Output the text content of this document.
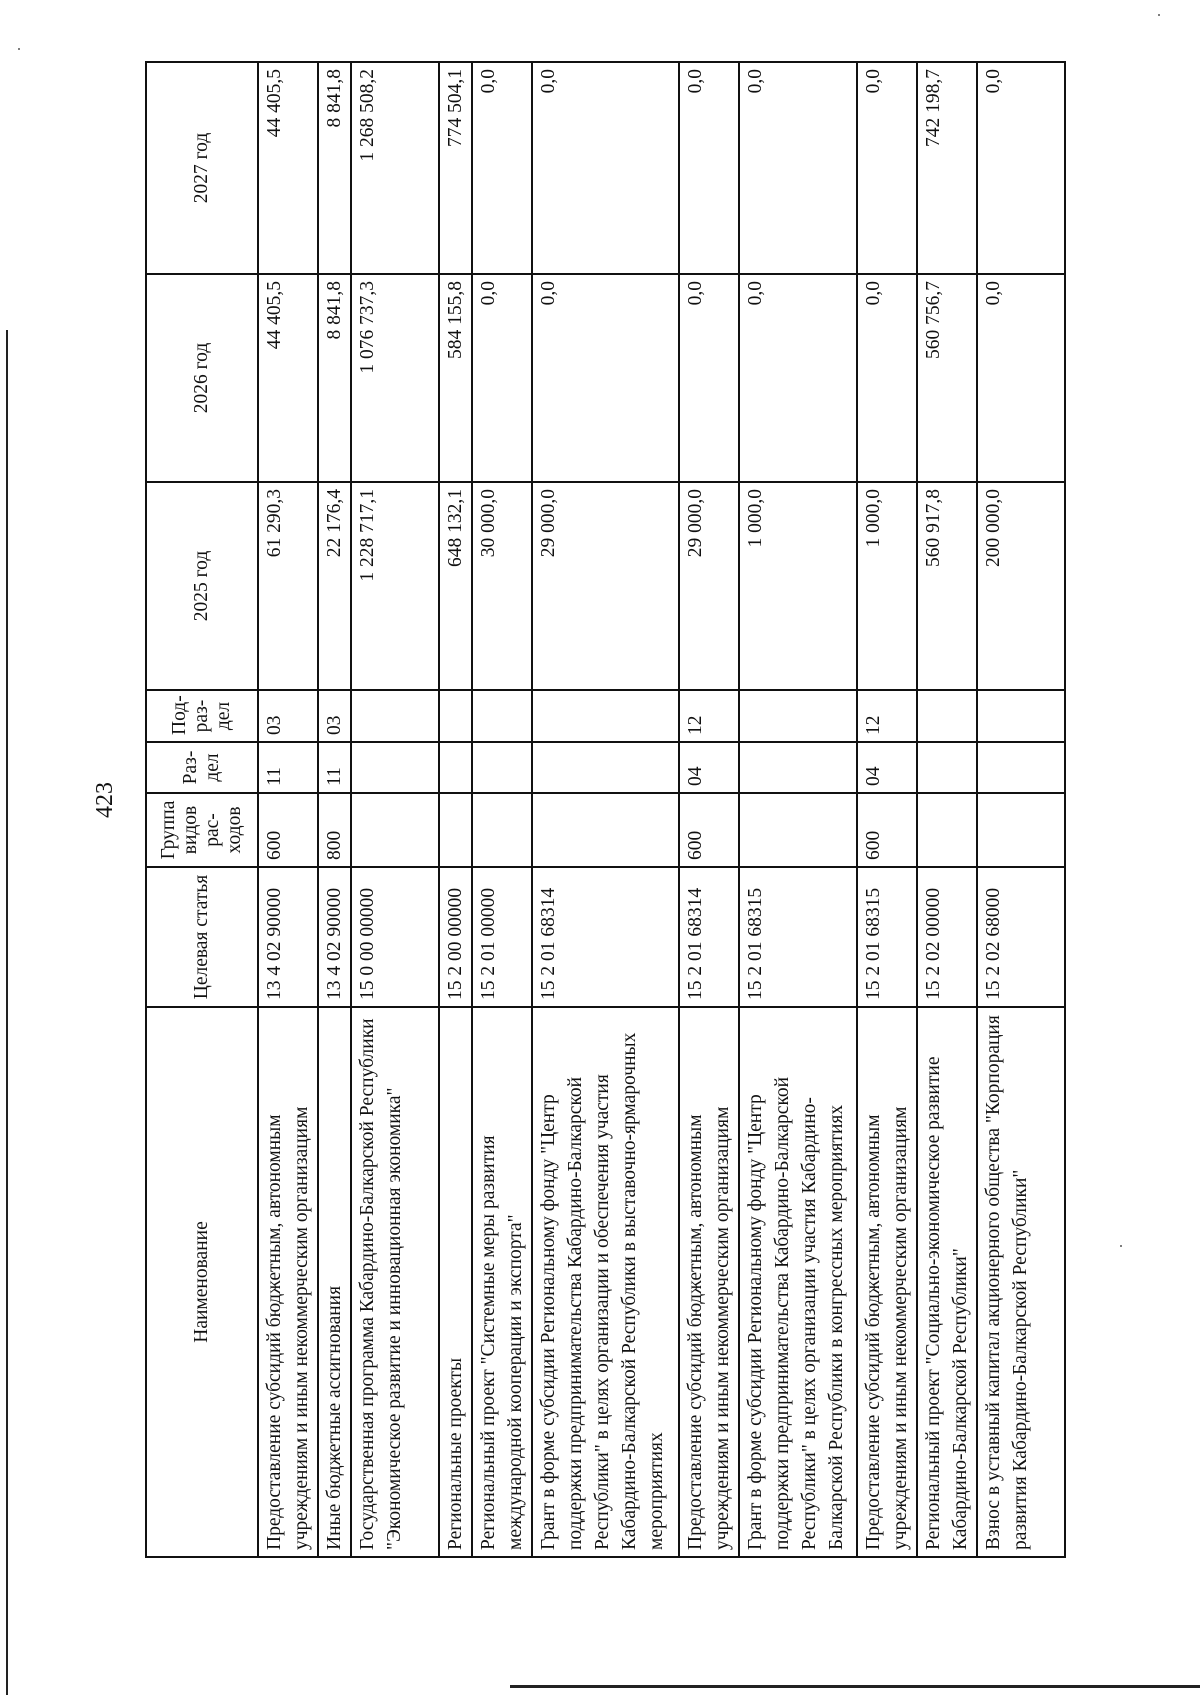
423
Наименование	Целевая статья	Группа видов рас-ходов	Раз-дел	Под-раз-дел	2025 год	2026 год	2027 год
Предоставление субсидий бюджетным, автономным учреждениям и иным некоммерческим организациям	13 4 02 90000	600	11	03	61 290,3	44 405,5	44 405,5
Иные бюджетные ассигнования	13 4 02 90000	800	11	03	22 176,4	8 841,8	8 841,8
Государственная программа Кабардино-Балкарской Республики "Экономическое развитие и инновационная экономика"	15 0 00 00000				1 228 717,1	1 076 737,3	1 268 508,2
Региональные проекты	15 2 00 00000				648 132,1	584 155,8	774 504,1
Региональный проект "Системные меры развития международной кооперации и экспорта"	15 2 01 00000				30 000,0	0,0	0,0
Грант в форме субсидии Региональному фонду "Центр поддержки предпринимательства Кабардино-Балкарской Республики" в целях организации и обеспечения участия Кабардино-Балкарской Республики в выставочно-ярмарочных мероприятиях	15 2 01 68314				29 000,0	0,0	0,0
Предоставление субсидий бюджетным, автономным учреждениям и иным некоммерческим организациям	15 2 01 68314	600	04	12	29 000,0	0,0	0,0
Грант в форме субсидии Региональному фонду "Центр поддержки предпринимательства Кабардино-Балкарской Республики" в целях организации участия Кабардино-Балкарской Республики в конгрессных мероприятиях	15 2 01 68315				1 000,0	0,0	0,0
Предоставление субсидий бюджетным, автономным учреждениям и иным некоммерческим организациям	15 2 01 68315	600	04	12	1 000,0	0,0	0,0
Региональный проект "Социально-экономическое развитие Кабардино-Балкарской Республики"	15 2 02 00000				560 917,8	560 756,7	742 198,7
Взнос в уставный капитал акционерного общества "Корпорация развития Кабардино-Балкарской Республики"	15 2 02 68000				200 000,0	0,0	0,0
